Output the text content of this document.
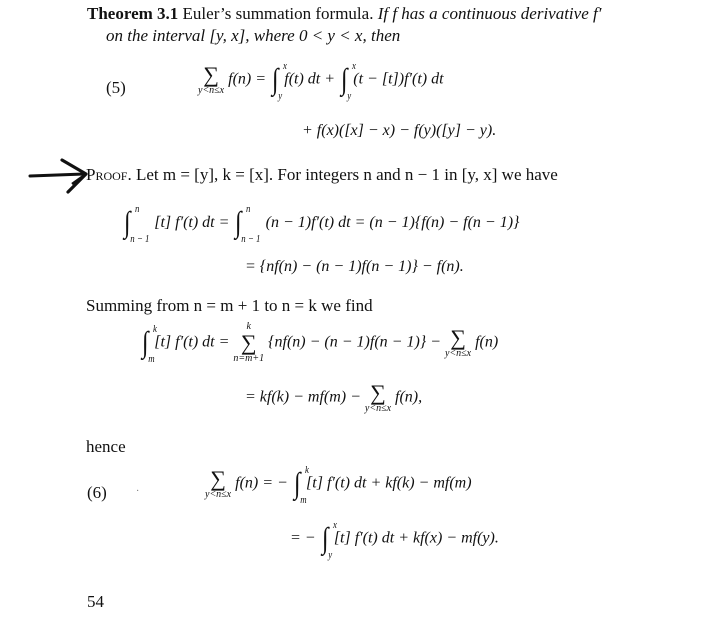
Theorem 3.1 Euler’s summation formula. If f has a continuous derivative f′
on the interval [y, x], where 0 < y < x, then
(5)
∑
y<n≤x
f(n) = ∫ x
y
f(t) dt + ∫ x
y
(t − [t])f′(t) dt
+ f(x)([x] − x) − f(y)([y] − y).
Proof. Let m = [y], k = [x]. For integers n and n − 1 in [y, x] we have
∫ n
n − 1
[t] f′(t) dt = ∫ n
n − 1
(n − 1)f′(t) dt = (n − 1){f(n) − f(n − 1)}
= {nf(n) − (n − 1)f(n − 1)} − f(n).
Summing from n = m + 1 to n = k we find
∫ k
m
[t] f′(t) dt =
k
∑
n=m+1
{nf(n) − (n − 1)f(n − 1)} − ∑
y<n≤x
f(n)
= kf(k) − mf(m) − ∑
y<n≤x
f(n),
hence
(6)	·
∑
y<n≤x
f(n) = − ∫ k
m
[t] f′(t) dt + kf(k) − mf(m)
= − ∫ x
y
[t] f′(t) dt + kf(x) − mf(y).
54
